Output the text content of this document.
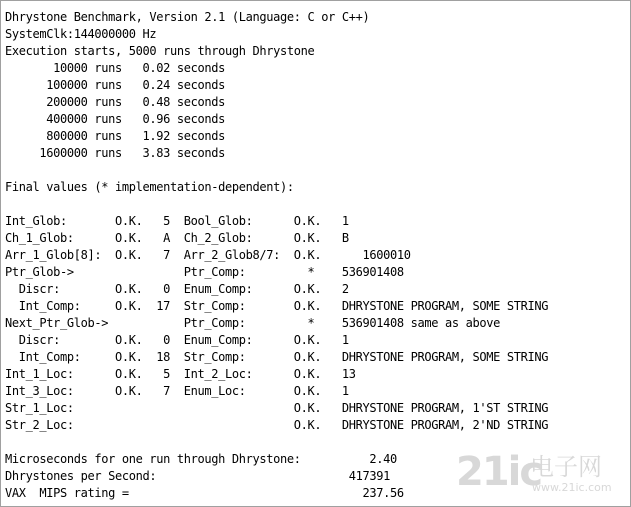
Dhrystone Benchmark, Version 2.1 (Language: C or C++)
SystemClk:144000000 Hz
Execution starts, 5000 runs through Dhrystone
10000 runs   0.02 seconds
100000 runs   0.24 seconds
200000 runs   0.48 seconds
400000 runs   0.96 seconds
800000 runs   1.92 seconds
1600000 runs   3.83 seconds
Final values (* implementation-dependent):
Int_Glob:       O.K.   5  Bool_Glob:      O.K.   1
Ch_1_Glob:      O.K.   A  Ch_2_Glob:      O.K.   B
Arr_1_Glob[8]:  O.K.   7  Arr_2_Glob8/7:  O.K.      1600010
Ptr_Glob->                Ptr_Comp:         *    536901408
Discr:        O.K.   0  Enum_Comp:      O.K.   2
Int_Comp:     O.K.  17  Str_Comp:       O.K.   DHRYSTONE PROGRAM, SOME STRING
Next_Ptr_Glob->           Ptr_Comp:         *    536901408 same as above
Discr:        O.K.   0  Enum_Comp:      O.K.   1
Int_Comp:     O.K.  18  Str_Comp:       O.K.   DHRYSTONE PROGRAM, SOME STRING
Int_1_Loc:      O.K.   5  Int_2_Loc:      O.K.   13
Int_3_Loc:      O.K.   7  Enum_Loc:       O.K.   1
Str_1_Loc:                                O.K.   DHRYSTONE PROGRAM, 1'ST STRING
Str_2_Loc:                                O.K.   DHRYSTONE PROGRAM, 2'ND STRING
Microseconds for one run through Dhrystone:          2.40
Dhrystones per Second:                            417391
VAX  MIPS rating =                                  237.56	21ic
电子网
www.21ic.com
